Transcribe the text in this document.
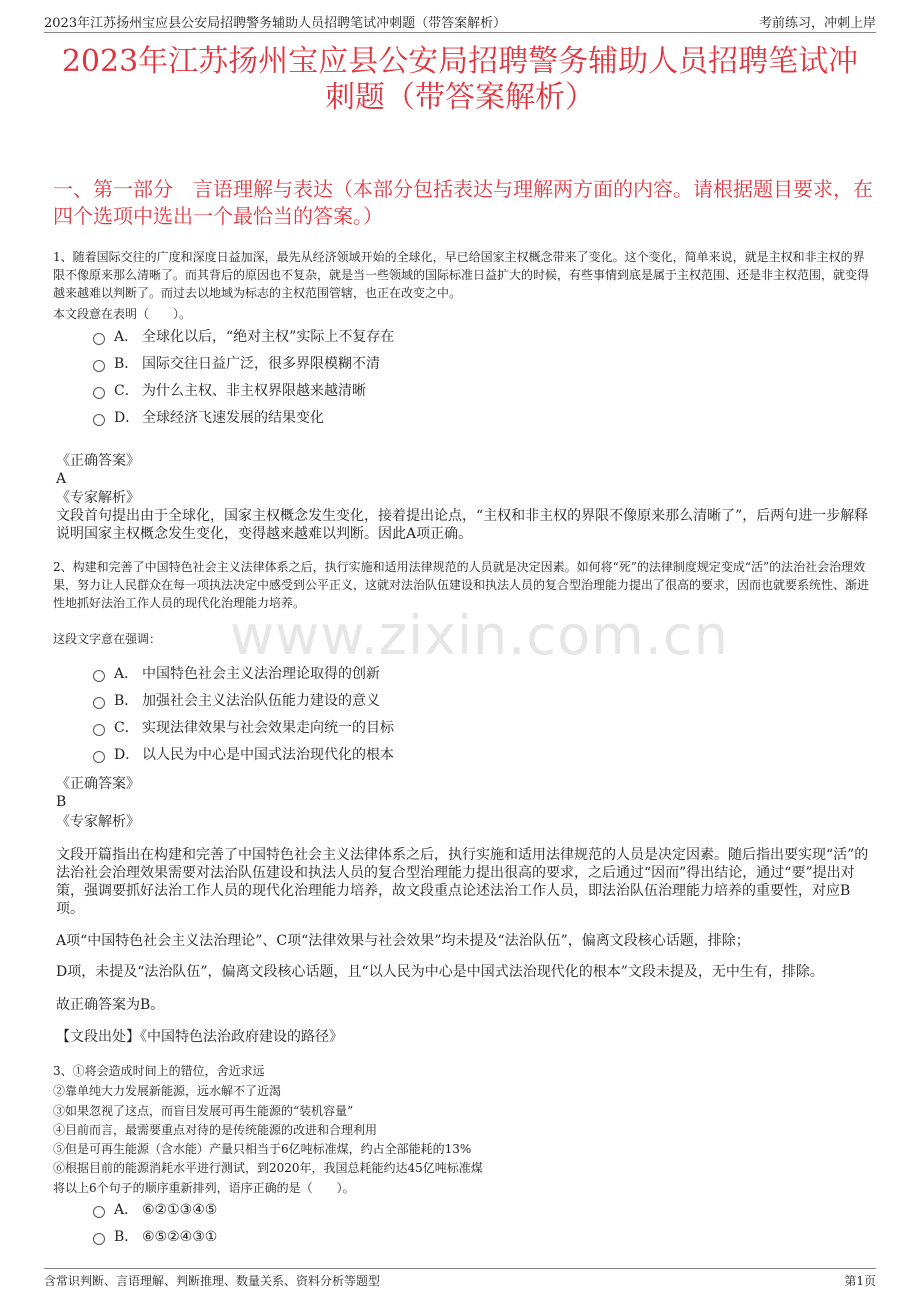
2023年江苏扬州宝应县公安局招聘警务辅助人员招聘笔试冲刺题（带答案解析）	考前练习，冲刺上岸
www.zixin.com.cn
2023年江苏扬州宝应县公安局招聘警务辅助人员招聘笔试冲刺题（带答案解析）
一、第一部分　言语理解与表达（本部分包括表达与理解两方面的内容。请根据题目要求，在四个选项中选出一个最恰当的答案。）
1、随着国际交往的广度和深度日益加深，最先从经济领域开始的全球化，早已给国家主权概念带来了变化。这个变化，简单来说，就是主权和非主权的界限不像原来那么清晰了。而其背后的原因也不复杂，就是当一些领域的国际标准日益扩大的时候，有些事情到底是属于主权范围、还是非主权范围，就变得越来越难以判断了。而过去以地域为标志的主权范围管辖，也正在改变之中。
本文段意在表明（　　）。
A． 全球化以后，“绝对主权”实际上不复存在
B． 国际交往日益广泛，很多界限模糊不清
C． 为什么主权、非主权界限越来越清晰
D． 全球经济飞速发展的结果变化
《正确答案》
A
《专家解析》
文段首句提出由于全球化，国家主权概念发生变化，接着提出论点，“主权和非主权的界限不像原来那么清晰了”，后两句进一步解释说明国家主权概念发生变化，变得越来越难以判断。因此A项正确。
2、构建和完善了中国特色社会主义法律体系之后，执行实施和适用法律规范的人员就是决定因素。如何将“死”的法律制度规定变成“活”的法治社会治理效果，努力让人民群众在每一项执法决定中感受到公平正义，这就对法治队伍建设和执法人员的复合型治理能力提出了很高的要求，因而也就要系统性、渐进性地抓好法治工作人员的现代化治理能力培养。
这段文字意在强调：
A． 中国特色社会主义法治理论取得的创新
B． 加强社会主义法治队伍能力建设的意义
C． 实现法律效果与社会效果走向统一的目标
D． 以人民为中心是中国式法治现代化的根本
《正确答案》
B
《专家解析》
文段开篇指出在构建和完善了中国特色社会主义法律体系之后，执行实施和适用法律规范的人员是决定因素。随后指出要实现“活”的法治社会治理效果需要对法治队伍建设和执法人员的复合型治理能力提出很高的要求，之后通过“因而”得出结论，通过“要”提出对策，强调要抓好法治工作人员的现代化治理能力培养，故文段重点论述法治工作人员，即法治队伍治理能力培养的重要性，对应B项。
A项“中国特色社会主义法治理论”、C项“法律效果与社会效果”均未提及“法治队伍”，偏离文段核心话题，排除；
D项，未提及“法治队伍”，偏离文段核心话题，且“以人民为中心是中国式法治现代化的根本”文段未提及，无中生有，排除。
故正确答案为B。
【文段出处】《中国特色法治政府建设的路径》
3、①将会造成时间上的错位，舍近求远
②靠单纯大力发展新能源，远水解不了近渴
③如果忽视了这点，而盲目发展可再生能源的“装机容量”
④目前而言，最需要重点对待的是传统能源的改进和合理利用
⑤但是可再生能源（含水能）产量只相当于6亿吨标准煤，约占全部能耗的13%
⑥根据目前的能源消耗水平进行测试，到2020年，我国总耗能约达45亿吨标准煤
将以上6个句子的顺序重新排列，语序正确的是（　　）。
A． ⑥②①③④⑤
B． ⑥⑤②④③①
含常识判断、言语理解、判断推理、数量关系、资料分析等题型	第1页
